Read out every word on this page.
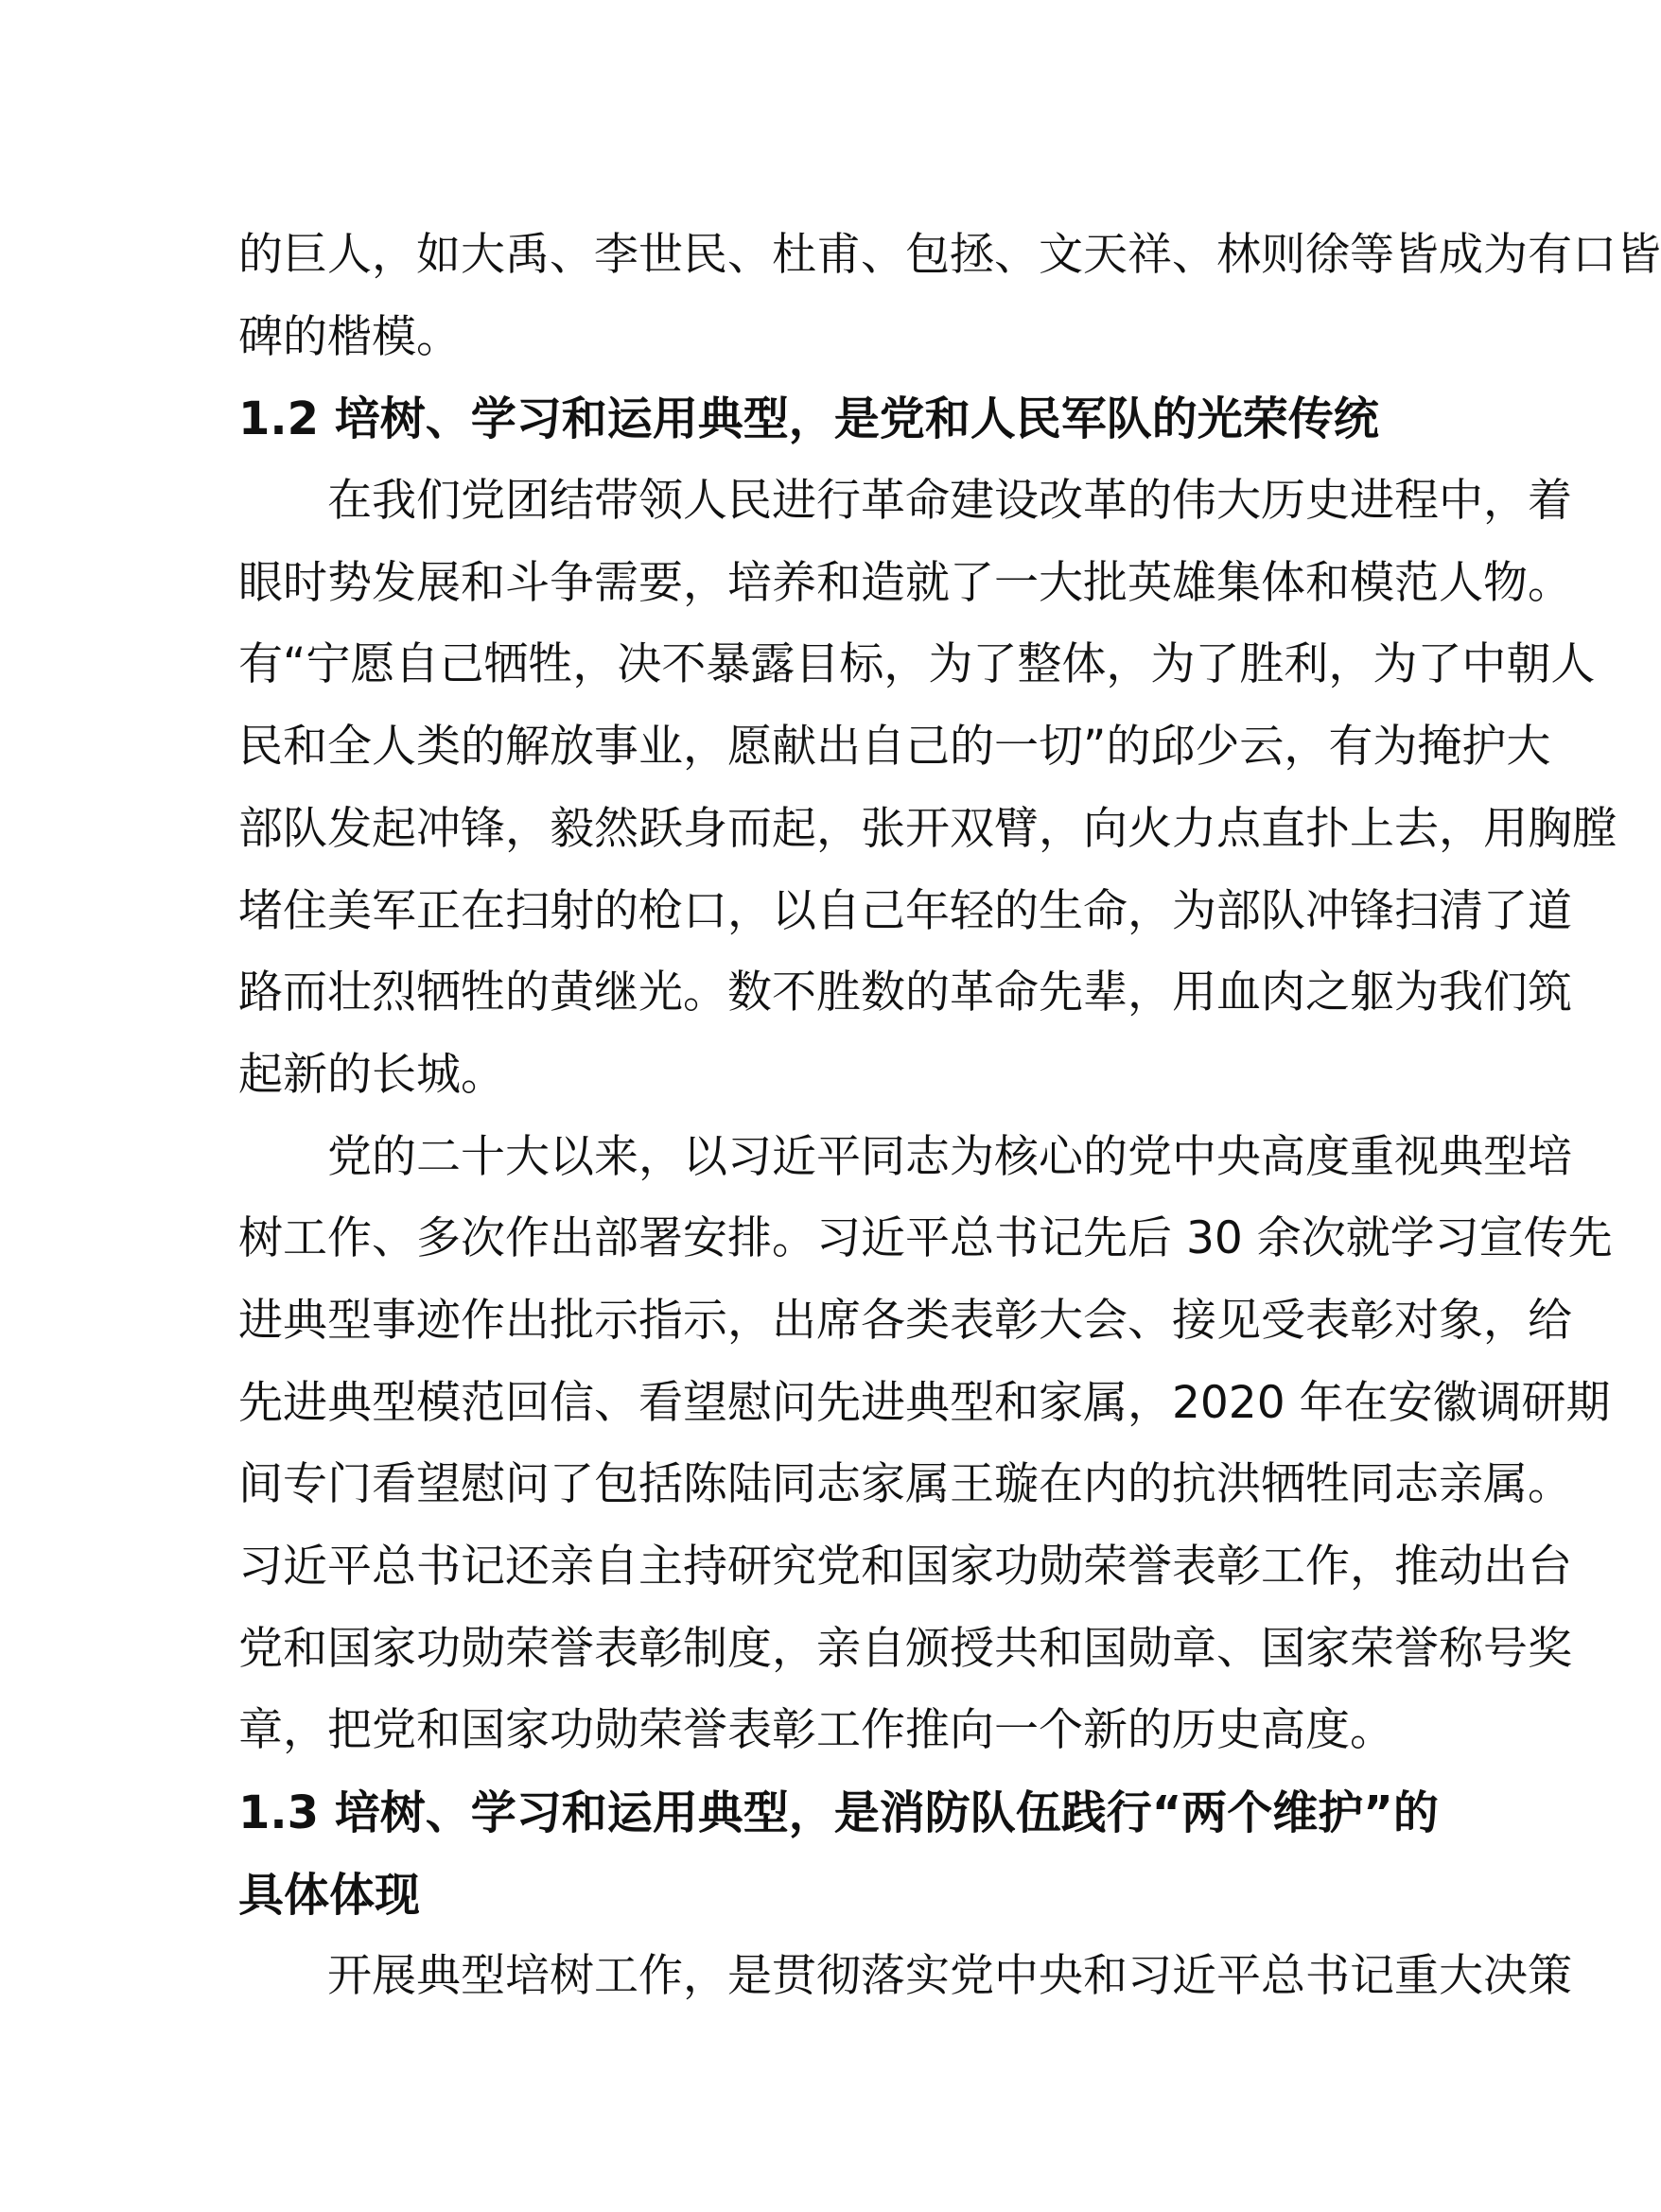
的巨人，如大禹、李世民、杜甫、包拯、文天祥、林则徐等皆成为有口皆
碑的楷模。
1.2 培树、学习和运用典型，是党和人民军队的光荣传统
在我们党团结带领人民进行革命建设改革的伟大历史进程中，着
眼时势发展和斗争需要，培养和造就了一大批英雄集体和模范人物。
有“宁愿自己牺牲，决不暴露目标，为了整体，为了胜利，为了中朝人
民和全人类的解放事业，愿献出自己的一切”的邱少云，有为掩护大
部队发起冲锋，毅然跃身而起，张开双臂，向火力点直扑上去，用胸膛
堵住美军正在扫射的枪口，以自己年轻的生命，为部队冲锋扫清了道
路而壮烈牺牲的黄继光。数不胜数的革命先辈，用血肉之躯为我们筑
起新的长城。
党的二十大以来，以习近平同志为核心的党中央高度重视典型培
树工作、多次作出部署安排。习近平总书记先后 30 余次就学习宣传先
进典型事迹作出批示指示，出席各类表彰大会、接见受表彰对象，给
先进典型模范回信、看望慰问先进典型和家属，2020 年在安徽调研期
间专门看望慰问了包括陈陆同志家属王璇在内的抗洪牺牲同志亲属。
习近平总书记还亲自主持研究党和国家功勋荣誉表彰工作，推动出台
党和国家功勋荣誉表彰制度，亲自颁授共和国勋章、国家荣誉称号奖
章，把党和国家功勋荣誉表彰工作推向一个新的历史高度。
1.3 培树、学习和运用典型，是消防队伍践行“两个维护”的
具体体现
开展典型培树工作，是贯彻落实党中央和习近平总书记重大决策
